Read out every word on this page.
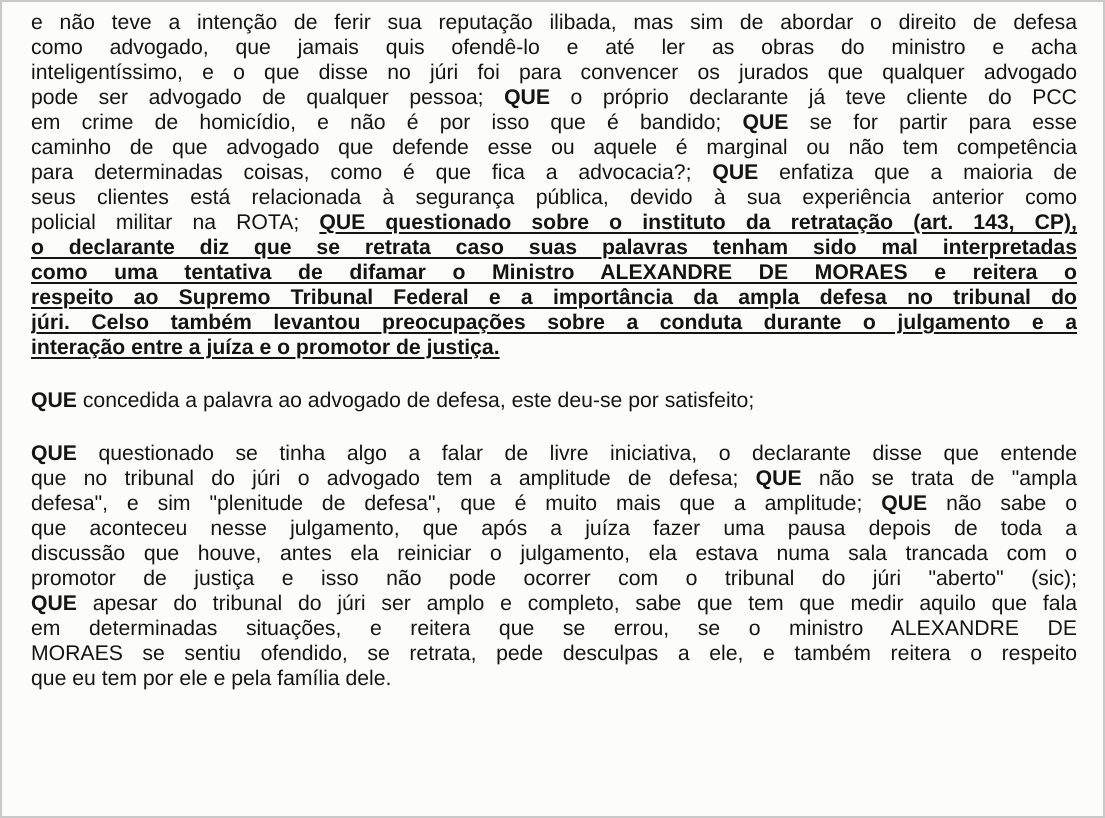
e não teve a intenção de ferir sua reputação ilibada, mas sim de abordar o direito de defesa
como advogado, que jamais quis ofendê-lo e até ler as obras do ministro e acha
inteligentíssimo, e o que disse no júri foi para convencer os jurados que qualquer advogado
pode ser advogado de qualquer pessoa; QUE o próprio declarante já teve cliente do PCC
em crime de homicídio, e não é por isso que é bandido; QUE se for partir para esse
caminho de que advogado que defende esse ou aquele é marginal ou não tem competência
para determinadas coisas, como é que fica a advocacia?; QUE enfatiza que a maioria de
seus clientes está relacionada à segurança pública, devido à sua experiência anterior como
policial militar na ROTA; QUE questionado sobre o instituto da retratação (art. 143, CP),
o declarante diz que se retrata caso suas palavras tenham sido mal interpretadas
como uma tentativa de difamar o Ministro ALEXANDRE DE MORAES e reitera o
respeito ao Supremo Tribunal Federal e a importância da ampla defesa no tribunal do
júri. Celso também levantou preocupações sobre a conduta durante o julgamento e a
interação entre a juíza e o promotor de justiça.
QUE concedida a palavra ao advogado de defesa, este deu-se por satisfeito;
QUE questionado se tinha algo a falar de livre iniciativa, o declarante disse que entende
que no tribunal do júri o advogado tem a amplitude de defesa; QUE não se trata de "ampla
defesa", e sim "plenitude de defesa", que é muito mais que a amplitude; QUE não sabe o
que aconteceu nesse julgamento, que após a juíza fazer uma pausa depois de toda a
discussão que houve, antes ela reiniciar o julgamento, ela estava numa sala trancada com o
promotor de justiça e isso não pode ocorrer com o tribunal do júri "aberto" (sic);
QUE apesar do tribunal do júri ser amplo e completo, sabe que tem que medir aquilo que fala
em determinadas situações, e reitera que se errou, se o ministro ALEXANDRE DE
MORAES se sentiu ofendido, se retrata, pede desculpas a ele, e também reitera o respeito
que eu tem por ele e pela família dele.
